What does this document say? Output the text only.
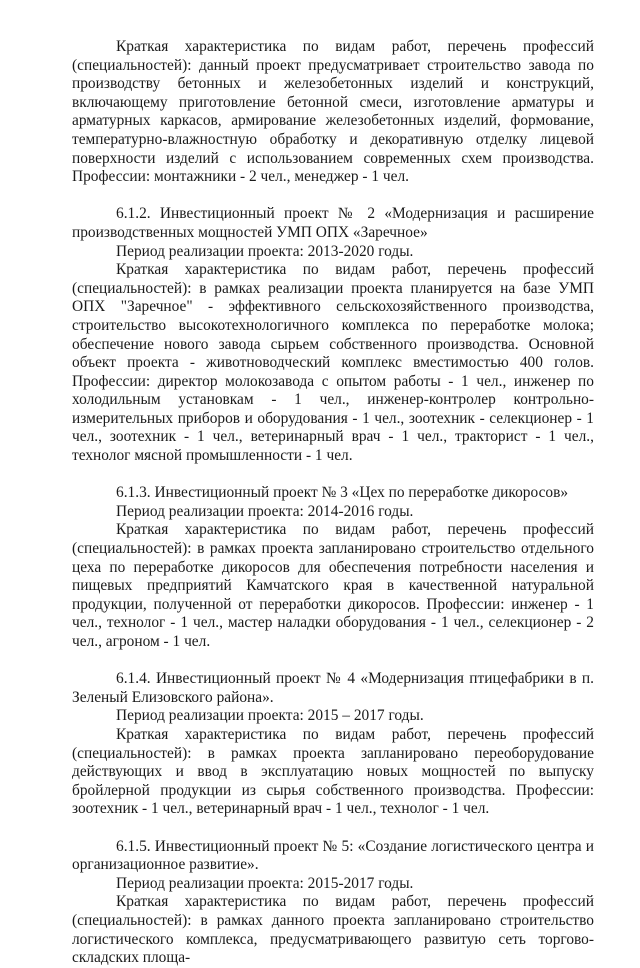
Краткая характеристика по видам работ, перечень профессий (специальностей): данный проект предусматривает строительство завода по производству бетонных и железобетонных изделий и конструкций, включающему приготовление бетонной смеси, изготовление арматуры и арматурных каркасов, армирование железобетонных изделий, формование, температурно-влажностную обработку и декоративную отделку лицевой поверхности изделий с использованием современных схем производства. Профессии: монтажники - 2 чел., менеджер - 1 чел.

6.1.2. Инвестиционный проект № 2 «Модернизация и расширение производственных мощностей УМП ОПХ «Заречное»

Период реализации проекта: 2013-2020 годы.

Краткая характеристика по видам работ, перечень профессий (специальностей): в рамках реализации проекта планируется на базе УМП ОПХ "Заречное" - эффективного сельскохозяйственного производства, строительство высокотехнологичного комплекса по переработке молока; обеспечение нового завода сырьем собственного производства. Основной объект проекта - животноводческий комплекс вместимостью 400 голов. Профессии: директор молокозавода с опытом работы - 1 чел., инженер по холодильным установкам - 1 чел., инженер-контролер контрольно-измерительных приборов и оборудования - 1 чел., зоотехник - селекционер - 1 чел., зоотехник - 1 чел., ветеринарный врач - 1 чел., тракторист - 1 чел., технолог мясной промышленности - 1 чел.

6.1.3. Инвестиционный проект № 3 «Цех по переработке дикоросов»

Период реализации проекта: 2014-2016 годы.

Краткая характеристика по видам работ, перечень профессий (специальностей): в рамках проекта запланировано строительство отдельного цеха по переработке дикоросов для обеспечения потребности населения и пищевых предприятий Камчатского края в качественной натуральной продукции, полученной от переработки дикоросов. Профессии: инженер - 1 чел., технолог - 1 чел., мастер наладки оборудования - 1 чел., селекционер - 2 чел., агроном - 1 чел.

6.1.4. Инвестиционный проект № 4 «Модернизация птицефабрики в п. Зеленый Елизовского района».

Период реализации проекта: 2015 – 2017 годы.

Краткая характеристика по видам работ, перечень профессий (специальностей): в рамках проекта запланировано переоборудование действующих и ввод в эксплуатацию новых мощностей по выпуску бройлерной продукции из сырья собственного производства. Профессии: зоотехник - 1 чел., ветеринарный врач - 1 чел., технолог - 1 чел.

6.1.5. Инвестиционный проект № 5: «Создание логистического центра и организационное развитие».

Период реализации проекта: 2015-2017 годы.

Краткая характеристика по видам работ, перечень профессий (специальностей): в рамках данного проекта запланировано строительство логистического комплекса, предусматривающего развитую сеть торгово-складских площа-
